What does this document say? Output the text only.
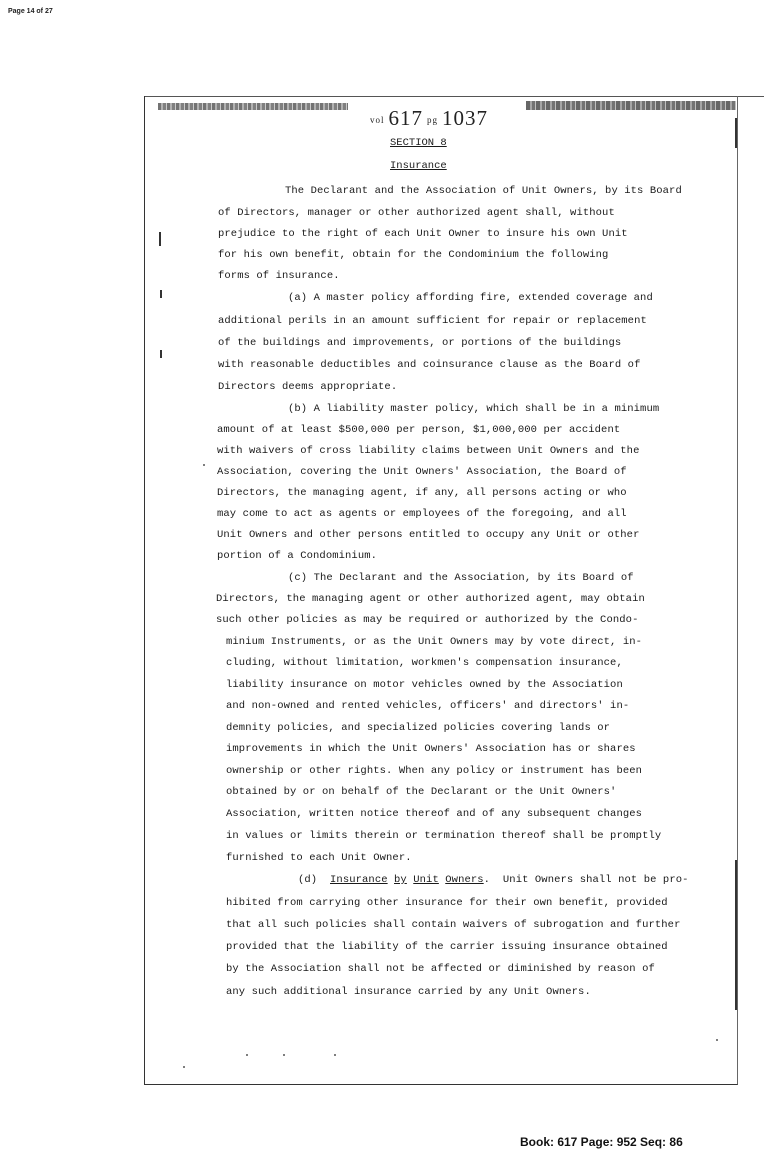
Page 14 of 27
vol 617 pg 1037
SECTION 8
Insurance
The Declarant and the Association of Unit Owners, by its Board
of Directors, manager or other authorized agent shall, without
prejudice to the right of each Unit Owner to insure his own Unit
for his own benefit, obtain for the Condominium the following
forms of insurance.
(a) A master policy affording fire, extended coverage and
additional perils in an amount sufficient for repair or replacement
of the buildings and improvements, or portions of the buildings
with reasonable deductibles and coinsurance clause as the Board of
Directors deems appropriate.
(b) A liability master policy, which shall be in a minimum
amount of at least $500,000 per person, $1,000,000 per accident
with waivers of cross liability claims between Unit Owners and the
Association, covering the Unit Owners' Association, the Board of
Directors, the managing agent, if any, all persons acting or who
may come to act as agents or employees of the foregoing, and all
Unit Owners and other persons entitled to occupy any Unit or other
portion of a Condominium.
(c) The Declarant and the Association, by its Board of
Directors, the managing agent or other authorized agent, may obtain
such other policies as may be required or authorized by the Condo-
minium Instruments, or as the Unit Owners may by vote direct, in-
cluding, without limitation, workmen's compensation insurance,
liability insurance on motor vehicles owned by the Association
and non-owned and rented vehicles, officers' and directors' in-
demnity policies, and specialized policies covering lands or
improvements in which the Unit Owners' Association has or shares
ownership or other rights. When any policy or instrument has been
obtained by or on behalf of the Declarant or the Unit Owners'
Association, written notice thereof and of any subsequent changes
in values or limits therein or termination thereof shall be promptly
furnished to each Unit Owner.
(d) Insurance by Unit Owners. Unit Owners shall not be pro-
hibited from carrying other insurance for their own benefit, provided
that all such policies shall contain waivers of subrogation and further
provided that the liability of the carrier issuing insurance obtained
by the Association shall not be affected or diminished by reason of
any such additional insurance carried by any Unit Owners.
Book: 617 Page: 952 Seq: 86
